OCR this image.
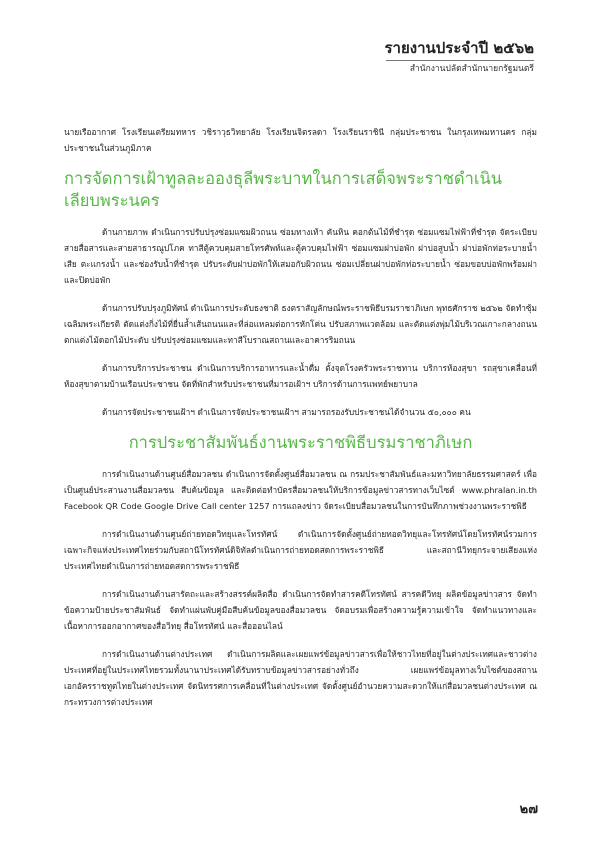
รายงานประจำปี ๒๕๖๒
สำนักงานปลัดสำนักนายกรัฐมนตรี

นายเรืออากาศ โรงเรียนเตรียมทหาร วชิราวุธวิทยาลัย โรงเรียนจิตรลดา โรงเรียนราชินี กลุ่มประชาชน ในกรุงเทพมหานคร กลุ่มประชาชนในส่วนภูมิภาค

การจัดการเฝ้าทูลละอองธุลีพระบาทในการเสด็จพระราชดำเนินเลียบพระนคร

ด้านกายภาพ ดำเนินการปรับปรุงซ่อมแซมผิวถนน ซ่อมทางเท้า คันหิน คอกต้นไม้ที่ชำรุด ซ่อมแซมไฟฟ้าที่ชำรุด จัดระเบียบสายสื่อสารและสายสาธารณูปโภค ทาสีตู้ควบคุมสายโทรศัพท์และตู้ควบคุมไฟฟ้า ซ่อมแซมฝาบ่อพัก ฝาบ่อสูบน้ำ ฝาบ่อพักท่อระบายน้ำเสีย ตะแกรงน้ำ และช่องรับน้ำที่ชำรุด ปรับระดับฝาบ่อพักให้เสมอกับผิวถนน ซ่อมเปลี่ยนฝาบ่อพักท่อระบายน้ำ ซ่อมขอบบ่อพักพร้อมฝา และปิดบ่อพัก

ด้านการปรับปรุงภูมิทัศน์ ดำเนินการประดับธงชาติ ธงตราสัญลักษณ์พระราชพิธีบรมราชาภิเษก พุทธศักราช ๒๕๖๒ จัดทำซุ้มเฉลิมพระเกียรติ ตัดแต่งกิ่งไม้ที่ยื่นล้ำเส้นถนนและที่ล่อแหลมต่อการหักโค่น ปรับสภาพแวดล้อม และตัดแต่งพุ่มไม้บริเวณเกาะกลางถนน ตกแต่งไม้ดอกไม้ประดับ ปรับปรุงซ่อมแซมและทาสีโบราณสถานและอาคารริมถนน

ด้านการบริการประชาชน ดำเนินการบริการอาหารและน้ำดื่ม ตั้งจุดโรงครัวพระราชทาน บริการห้องสุขา รถสุขาเคลื่อนที่ ห้องสุขาตามบ้านเรือนประชาชน จัดที่พักสำหรับประชาชนที่มารอเฝ้าฯ บริการด้านการแพทย์พยาบาล

ด้านการจัดประชาชนเฝ้าฯ ดำเนินการจัดประชาชนเฝ้าฯ สามารถรองรับประชาชนได้จำนวน ๕๐,๐๐๐ คน

การประชาสัมพันธ์งานพระราชพิธีบรมราชาภิเษก

การดำเนินงานด้านศูนย์สื่อมวลชน ดำเนินการจัดตั้งศูนย์สื่อมวลชน ณ กรมประชาสัมพันธ์และมหาวิทยาลัยธรรมศาสตร์ เพื่อเป็นศูนย์ประสานงานสื่อมวลชน สืบค้นข้อมูล และติดต่อทำบัตรสื่อมวลชนให้บริการข้อมูลข่าวสารทางเว็บไซต์ www.phralan.in.th Facebook QR Code Google Drive Call center 1257 การแถลงข่าว จัดระเบียบสื่อมวลชนในการบันทึกภาพช่วงงานพระราชพิธี

การดำเนินงานด้านศูนย์ถ่ายทอดวิทยุและโทรทัศน์ ดำเนินการจัดตั้งศูนย์ถ่ายทอดวิทยุและโทรทัศน์โดยโทรทัศน์รวมการเฉพาะกิจแห่งประเทศไทยร่วมกับสถานีโทรทัศน์ดิจิทัลดำเนินการถ่ายทอดสดการพระราชพิธี และสถานีวิทยุกระจายเสียงแห่งประเทศไทยดำเนินการถ่ายทอดสดการพระราชพิธี

การดำเนินงานด้านสารัตถะและสร้างสรรค์ผลิตสื่อ ดำเนินการจัดทำสารคดีโทรทัศน์ สารคดีวิทยุ ผลิตข้อมูลข่าวสาร จัดทำข้อความป้ายประชาสัมพันธ์ จัดทำแผ่นพับคู่มือสืบค้นข้อมูลของสื่อมวลชน จัดอบรมเพื่อสร้างความรู้ความเข้าใจ จัดทำแนวทางและเนื้อหาการออกอากาศของสื่อวิทยุ สื่อโทรทัศน์ และสื่อออนไลน์

การดำเนินงานด้านต่างประเทศ ดำเนินการผลิตและเผยแพร่ข้อมูลข่าวสารเพื่อให้ชาวไทยที่อยู่ในต่างประเทศและชาวต่างประเทศที่อยู่ในประเทศไทยรวมทั้งนานาประเทศได้รับทราบข้อมูลข่าวสารอย่างทั่วถึง เผยแพร่ข้อมูลทางเว็บไซต์ของสถานเอกอัครราชทูตไทยในต่างประเทศ จัดนิทรรศการเคลื่อนที่ในต่างประเทศ จัดตั้งศูนย์อำนวยความสะดวกให้แก่สื่อมวลชนต่างประเทศ ณ กระทรวงการต่างประเทศ

๒๗
